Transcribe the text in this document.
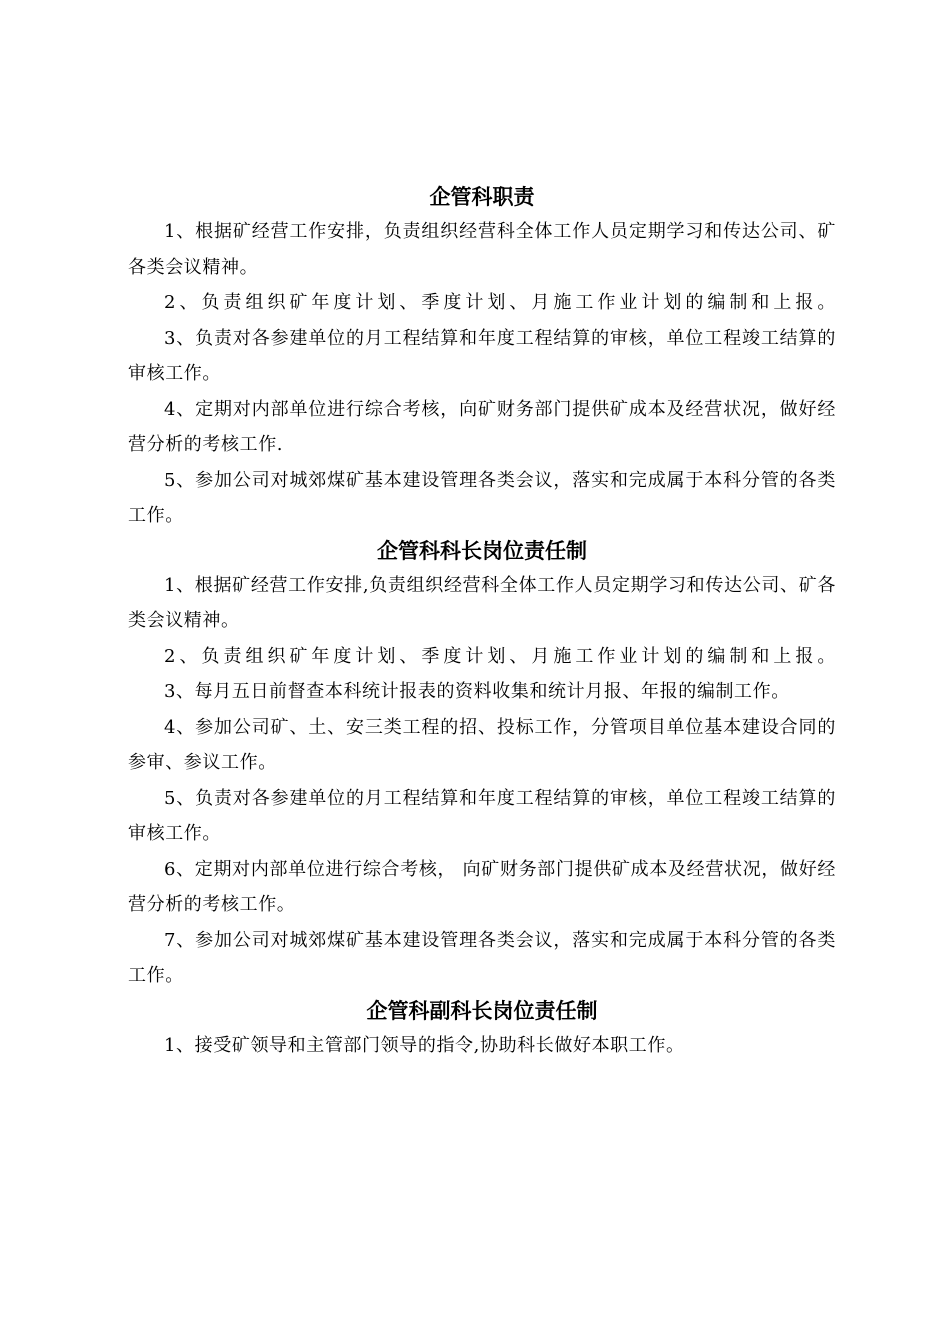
企管科职责

1、根据矿经营工作安排，负责组织经营科全体工作人员定期学习和传达公司、矿各类会议精神。

2、负责组织矿年度计划、季度计划、月施工作业计划的编制和上报。

3、负责对各参建单位的月工程结算和年度工程结算的审核，单位工程竣工结算的审核工作。

4、定期对内部单位进行综合考核，向矿财务部门提供矿成本及经营状况，做好经营分析的考核工作.

5、参加公司对城郊煤矿基本建设管理各类会议，落实和完成属于本科分管的各类工作。

企管科科长岗位责任制

1、根据矿经营工作安排,负责组织经营科全体工作人员定期学习和传达公司、矿各类会议精神。

2、负责组织矿年度计划、季度计划、月施工作业计划的编制和上报。

3、每月五日前督查本科统计报表的资料收集和统计月报、年报的编制工作。

4、参加公司矿、土、安三类工程的招、投标工作，分管项目单位基本建设合同的参审、参议工作。

5、负责对各参建单位的月工程结算和年度工程结算的审核，单位工程竣工结算的审核工作。

6、定期对内部单位进行综合考核， 向矿财务部门提供矿成本及经营状况，做好经营分析的考核工作。

7、参加公司对城郊煤矿基本建设管理各类会议，落实和完成属于本科分管的各类工作。

企管科副科长岗位责任制

1、接受矿领导和主管部门领导的指令,协助科长做好本职工作。
